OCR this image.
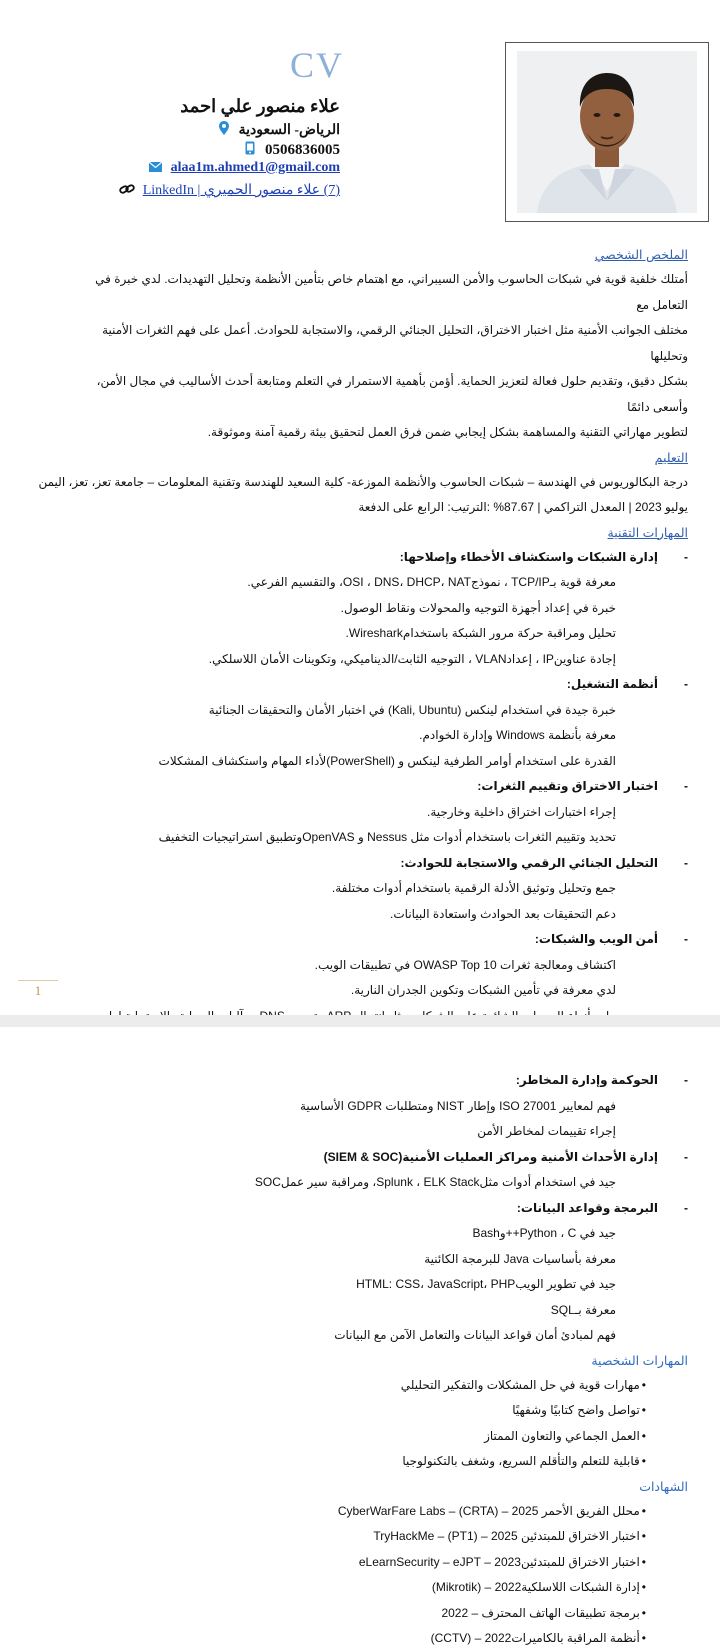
CV
علاء منصور علي احمد
الرياض- السعودية
0506836005
alaa1m.ahmed1@gmail.com
(7) علاء منصور الحميري | LinkedIn
الملخص الشخصي
أمتلك خلفية قوية في شبكات الحاسوب والأمن السيبراني، مع اهتمام خاص بتأمين الأنظمة وتحليل التهديدات. لدي خبرة في التعامل مع
مختلف الجوانب الأمنية مثل اختبار الاختراق، التحليل الجنائي الرقمي، والاستجابة للحوادث. أعمل على فهم الثغرات الأمنية وتحليلها
بشكل دقيق، وتقديم حلول فعالة لتعزيز الحماية. أؤمن بأهمية الاستمرار في التعلم ومتابعة أحدث الأساليب في مجال الأمن، وأسعى دائمًا
لتطوير مهاراتي التقنية والمساهمة بشكل إيجابي ضمن فرق العمل لتحقيق بيئة رقمية آمنة وموثوقة.
التعليم
درجة البكالوريوس في الهندسة – شبكات الحاسوب والأنظمة الموزعة- كلية السعيد للهندسة وتقنية المعلومات – جامعة تعز، تعز، اليمن
يوليو 2023 | المعدل التراكمي | 87.67% :الترتيب: الرابع على الدفعة
المهارات التقنية
-
إدارة الشبكات واستكشاف الأخطاء وإصلاحها:
معرفة قوية بـTCP/IP ، نموذجOSI ، DNS، DHCP، NAT، والتقسيم الفرعي.
خبرة في إعداد أجهزة التوجيه والمحولات ونقاط الوصول.
تحليل ومراقبة حركة مرور الشبكة باستخدامWireshark.
إجادة عناوينIP ، إعدادVLAN ، التوجيه الثابت/الديناميكي، وتكوينات الأمان اللاسلكي.
-
أنظمة التشغيل:
خبرة جيدة في استخدام لينكس (Kali, Ubuntu) في اختبار الأمان والتحقيقات الجنائية
معرفة بأنظمة Windows وإدارة الخوادم.
القدرة على استخدام أوامر الطرفية لينكس و (PowerShell)لأداء المهام واستكشاف المشكلات
-
اختبار الاختراق وتقييم الثغرات:
إجراء اختبارات اختراق داخلية وخارجية.
تحديد وتقييم الثغرات باستخدام أدوات مثل Nessus و OpenVASوتطبيق استراتيجيات التخفيف
-
التحليل الجنائي الرقمي والاستجابة للحوادث:
جمع وتحليل وتوثيق الأدلة الرقمية باستخدام أدوات مختلفة.
دعم التحقيقات بعد الحوادث واستعادة البيانات.
-
أمن الويب والشبكات:
اكتشاف ومعالجة ثغرات OWASP Top 10 في تطبيقات الويب.
لدي معرفة في تأمين الشبكات وتكوين الجدران النارية.
1
-
الحوكمة وإدارة المخاطر:
فهم لمعايير ISO 27001 وإطار NIST ومتطلبات GDPR الأساسية
إجراء تقييمات لمخاطر الأمن
-
إدارة الأحداث الأمنية ومراكز العمليات الأمنية(SIEM & SOC)
جيد في استخدام أدوات مثلSplunk ، ELK Stack، ومراقبة سير عملSOC
-
البرمجة وقواعد البيانات:
جيد في Python ، C++وBash
معرفة بأساسيات Java للبرمجة الكائنية
جيد في تطوير الويبHTML: CSS، JavaScript، PHP
معرفة بـSQL
فهم لمبادئ أمان قواعد البيانات والتعامل الآمن مع البيانات
المهارات الشخصية
•مهارات قوية في حل المشكلات والتفكير التحليلي
•تواصل واضح كتابيًا وشفهيًا
•العمل الجماعي والتعاون الممتاز
•قابلية للتعلم والتأقلم السريع، وشغف بالتكنولوجيا
الشهادات
•محلل الفريق الأحمر 2025 – CyberWarFare Labs – (CRTA)
•اختبار الاختراق للمبتدئين 2025 – TryHackMe – (PT1)
•اختبار الاختراق للمبتدئين2023 – eLearnSecurity – eJPT
•إدارة الشبكات اللاسلكية2022 – (Mikrotik)
•برمجة تطبيقات الهاتف المحترف – 2022
•أنظمة المراقبة بالكاميرات2022 – (CCTV)
